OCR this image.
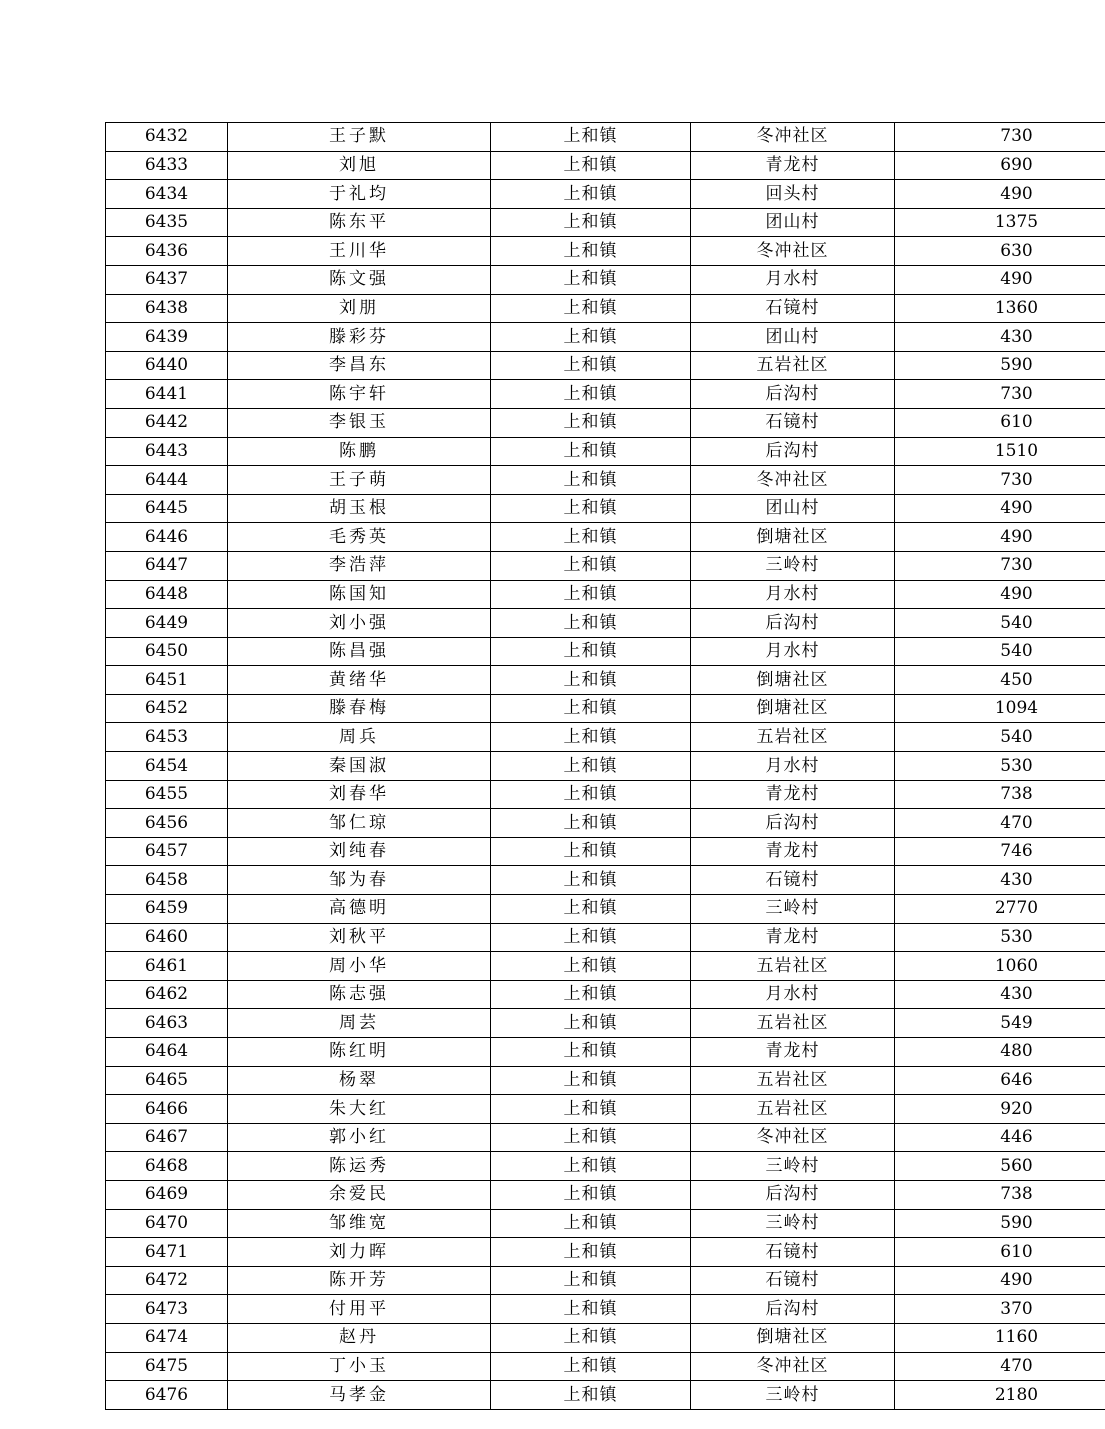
6432	王子默	上和镇	冬冲社区	730
6433	刘旭	上和镇	青龙村	690
6434	于礼均	上和镇	回头村	490
6435	陈东平	上和镇	团山村	1375
6436	王川华	上和镇	冬冲社区	630
6437	陈文强	上和镇	月水村	490
6438	刘朋	上和镇	石镜村	1360
6439	滕彩芬	上和镇	团山村	430
6440	李昌东	上和镇	五岩社区	590
6441	陈宇轩	上和镇	后沟村	730
6442	李银玉	上和镇	石镜村	610
6443	陈鹏	上和镇	后沟村	1510
6444	王子萌	上和镇	冬冲社区	730
6445	胡玉根	上和镇	团山村	490
6446	毛秀英	上和镇	倒塘社区	490
6447	李浩萍	上和镇	三岭村	730
6448	陈国知	上和镇	月水村	490
6449	刘小强	上和镇	后沟村	540
6450	陈昌强	上和镇	月水村	540
6451	黄绪华	上和镇	倒塘社区	450
6452	滕春梅	上和镇	倒塘社区	1094
6453	周兵	上和镇	五岩社区	540
6454	秦国淑	上和镇	月水村	530
6455	刘春华	上和镇	青龙村	738
6456	邹仁琼	上和镇	后沟村	470
6457	刘纯春	上和镇	青龙村	746
6458	邹为春	上和镇	石镜村	430
6459	高德明	上和镇	三岭村	2770
6460	刘秋平	上和镇	青龙村	530
6461	周小华	上和镇	五岩社区	1060
6462	陈志强	上和镇	月水村	430
6463	周芸	上和镇	五岩社区	549
6464	陈红明	上和镇	青龙村	480
6465	杨翠	上和镇	五岩社区	646
6466	朱大红	上和镇	五岩社区	920
6467	郭小红	上和镇	冬冲社区	446
6468	陈运秀	上和镇	三岭村	560
6469	余爱民	上和镇	后沟村	738
6470	邹维宽	上和镇	三岭村	590
6471	刘力晖	上和镇	石镜村	610
6472	陈开芳	上和镇	石镜村	490
6473	付用平	上和镇	后沟村	370
6474	赵丹	上和镇	倒塘社区	1160
6475	丁小玉	上和镇	冬冲社区	470
6476	马孝金	上和镇	三岭村	2180
